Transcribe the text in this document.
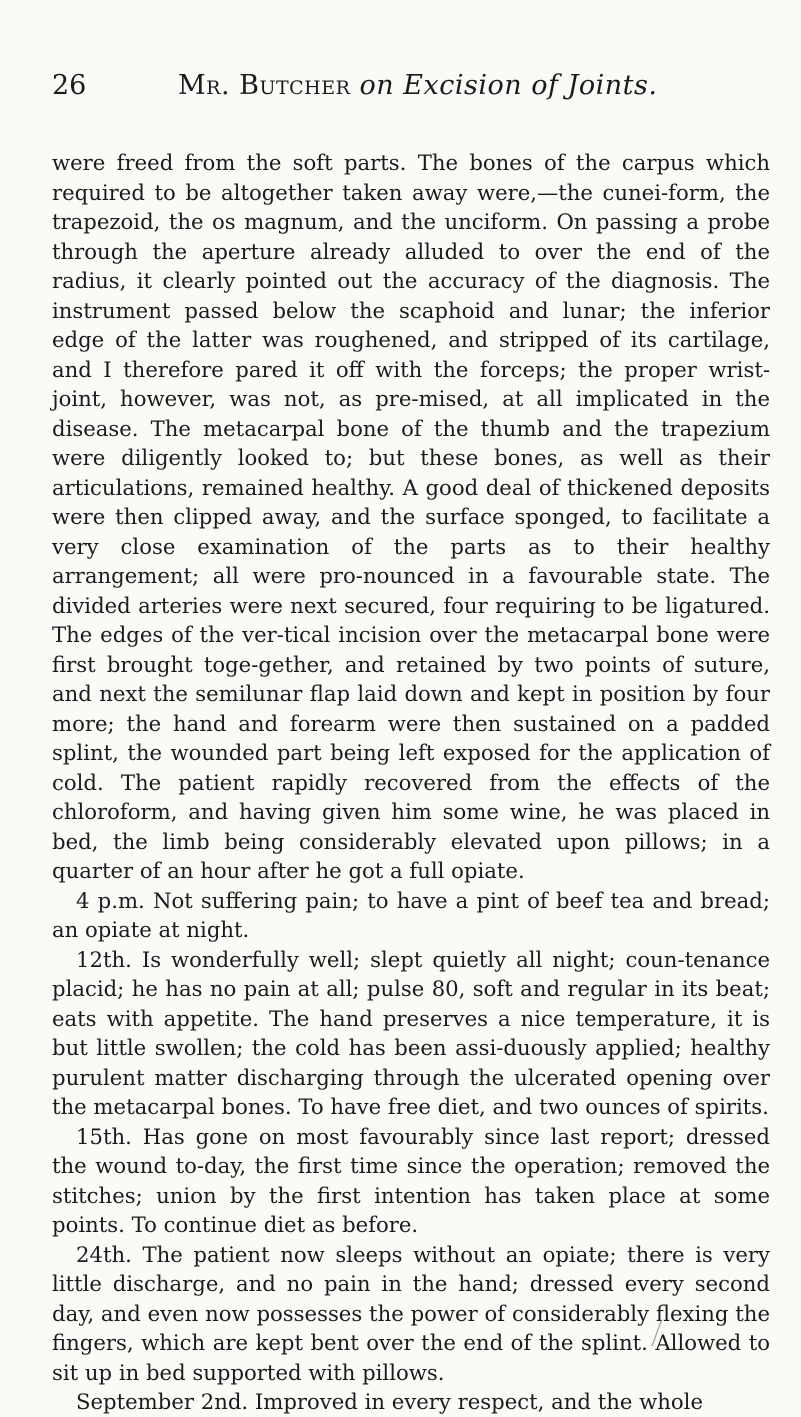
26	Mr. Butcher on Excision of Joints.

were freed from the soft parts. The bones of the carpus which required to be altogether taken away were,—the cunei-form, the trapezoid, the os magnum, and the unciform. On passing a probe through the aperture already alluded to over the end of the radius, it clearly pointed out the accuracy of the diagnosis. The instrument passed below the scaphoid and lunar; the inferior edge of the latter was roughened, and stripped of its cartilage, and I therefore pared it off with the forceps; the proper wrist-joint, however, was not, as pre-mised, at all implicated in the disease. The metacarpal bone of the thumb and the trapezium were diligently looked to; but these bones, as well as their articulations, remained healthy. A good deal of thickened deposits were then clipped away, and the surface sponged, to facilitate a very close examination of the parts as to their healthy arrangement; all were pro-nounced in a favourable state. The divided arteries were next secured, four requiring to be ligatured. The edges of the ver-tical incision over the metacarpal bone were first brought toge-gether, and retained by two points of suture, and next the semilunar flap laid down and kept in position by four more; the hand and forearm were then sustained on a padded splint, the wounded part being left exposed for the application of cold. The patient rapidly recovered from the effects of the chloroform, and having given him some wine, he was placed in bed, the limb being considerably elevated upon pillows; in a quarter of an hour after he got a full opiate.

4 p.m. Not suffering pain; to have a pint of beef tea and bread; an opiate at night.

12th. Is wonderfully well; slept quietly all night; coun-tenance placid; he has no pain at all; pulse 80, soft and regular in its beat; eats with appetite. The hand preserves a nice temperature, it is but little swollen; the cold has been assi-duously applied; healthy purulent matter discharging through the ulcerated opening over the metacarpal bones. To have free diet, and two ounces of spirits.

15th. Has gone on most favourably since last report; dressed the wound to-day, the first time since the operation; removed the stitches; union by the first intention has taken place at some points. To continue diet as before.

24th. The patient now sleeps without an opiate; there is very little discharge, and no pain in the hand; dressed every second day, and even now possesses the power of considerably flexing the fingers, which are kept bent over the end of the splint. Allowed to sit up in bed supported with pillows.

September 2nd. Improved in every respect, and the whole
